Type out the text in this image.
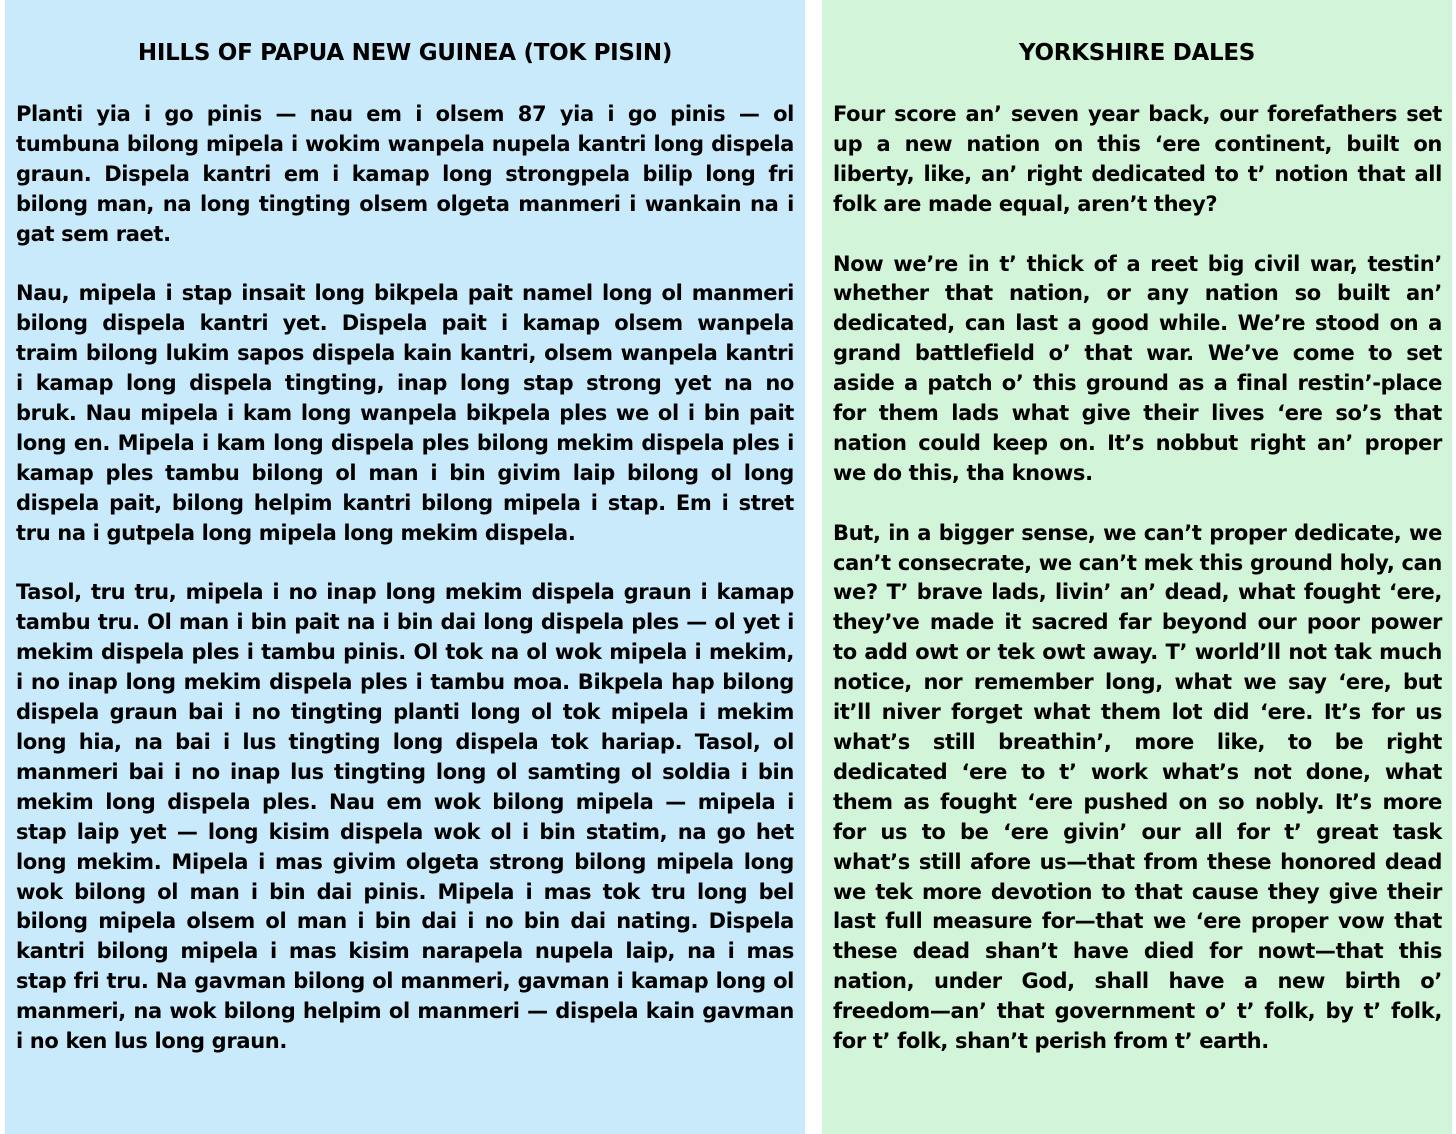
HILLS OF PAPUA NEW GUINEA (TOK PISIN)

Planti yia i go pinis — nau em i olsem 87 yia i go pinis — ol tumbuna bilong mipela i wokim wanpela nupela kantri long dispela graun. Dispela kantri em i kamap long strongpela bilip long fri bilong man, na long tingting olsem olgeta manmeri i wankain na i gat sem raet.

Nau, mipela i stap insait long bikpela pait namel long ol manmeri bilong dispela kantri yet. Dispela pait i kamap olsem wanpela traim bilong lukim sapos dispela kain kantri, olsem wanpela kantri i kamap long dispela tingting, inap long stap strong yet na no bruk. Nau mipela i kam long wanpela bikpela ples we ol i bin pait long en. Mipela i kam long dispela ples bilong mekim dispela ples i kamap ples tambu bilong ol man i bin givim laip bilong ol long dispela pait, bilong helpim kantri bilong mipela i stap. Em i stret tru na i gutpela long mipela long mekim dispela.

Tasol, tru tru, mipela i no inap long mekim dispela graun i kamap tambu tru. Ol man i bin pait na i bin dai long dispela ples — ol yet i mekim dispela ples i tambu pinis. Ol tok na ol wok mipela i mekim, i no inap long mekim dispela ples i tambu moa. Bikpela hap bilong dispela graun bai i no tingting planti long ol tok mipela i mekim long hia, na bai i lus tingting long dispela tok hariap. Tasol, ol manmeri bai i no inap lus tingting long ol samting ol soldia i bin mekim long dispela ples. Nau em wok bilong mipela — mipela i stap laip yet — long kisim dispela wok ol i bin statim, na go het long mekim. Mipela i mas givim olgeta strong bilong mipela long wok bilong ol man i bin dai pinis. Mipela i mas tok tru long bel bilong mipela olsem ol man i bin dai i no bin dai nating. Dispela kantri bilong mipela i mas kisim narapela nupela laip, na i mas stap fri tru. Na gavman bilong ol manmeri, gavman i kamap long ol manmeri, na wok bilong helpim ol manmeri — dispela kain gavman i no ken lus long graun.

YORKSHIRE DALES

Four score an’ seven year back, our forefathers set up a new nation on this ‘ere continent, built on liberty, like, an’ right dedicated to t’ notion that all folk are made equal, aren’t they?

Now we’re in t’ thick of a reet big civil war, testin’ whether that nation, or any nation so built an’ dedicated, can last a good while. We’re stood on a grand battlefield o’ that war. We’ve come to set aside a patch o’ this ground as a final restin’-place for them lads what give their lives ‘ere so’s that nation could keep on. It’s nobbut right an’ proper we do this, tha knows.

But, in a bigger sense, we can’t proper dedicate, we can’t consecrate, we can’t mek this ground holy, can we? T’ brave lads, livin’ an’ dead, what fought ‘ere, they’ve made it sacred far beyond our poor power to add owt or tek owt away. T’ world’ll not tak much notice, nor remember long, what we say ‘ere, but it’ll niver forget what them lot did ‘ere. It’s for us what’s still breathin’, more like, to be right dedicated ‘ere to t’ work what’s not done, what them as fought ‘ere pushed on so nobly. It’s more for us to be ‘ere givin’ our all for t’ great task what’s still afore us—that from these honored dead we tek more devotion to that cause they give their last full measure for—that we ‘ere proper vow that these dead shan’t have died for nowt—that this nation, under God, shall have a new birth o’ freedom—an’ that government o’ t’ folk, by t’ folk, for t’ folk, shan’t perish from t’ earth.
